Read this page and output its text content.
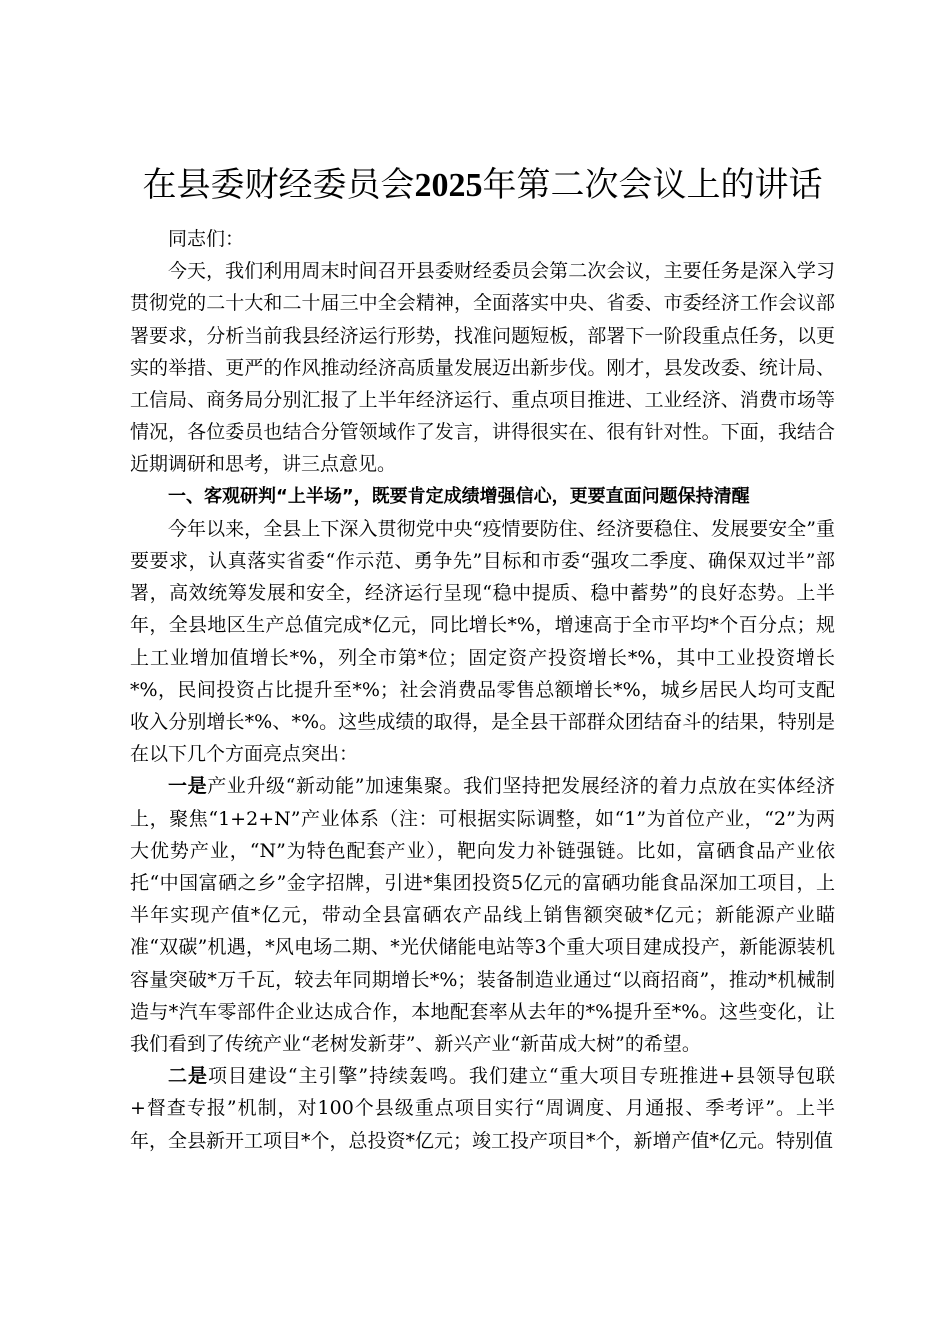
在县委财经委员会2025年第二次会议上的讲话

同志们：

今天，我们利用周末时间召开县委财经委员会第二次会议，主要任务是深入学习贯彻党的二十大和二十届三中全会精神，全面落实中央、省委、市委经济工作会议部署要求，分析当前我县经济运行形势，找准问题短板，部署下一阶段重点任务，以更实的举措、更严的作风推动经济高质量发展迈出新步伐。刚才，县发改委、统计局、工信局、商务局分别汇报了上半年经济运行、重点项目推进、工业经济、消费市场等情况，各位委员也结合分管领域作了发言，讲得很实在、很有针对性。下面，我结合近期调研和思考，讲三点意见。

一、客观研判“上半场”，既要肯定成绩增强信心，更要直面问题保持清醒

今年以来，全县上下深入贯彻党中央“疫情要防住、经济要稳住、发展要安全”重要要求，认真落实省委“作示范、勇争先”目标和市委“强攻二季度、确保双过半”部署，高效统筹发展和安全，经济运行呈现“稳中提质、稳中蓄势”的良好态势。上半年，全县地区生产总值完成*亿元，同比增长*%，增速高于全市平均*个百分点；规上工业增加值增长*%，列全市第*位；固定资产投资增长*%，其中工业投资增长*%，民间投资占比提升至*%；社会消费品零售总额增长*%，城乡居民人均可支配收入分别增长*%、*%。这些成绩的取得，是全县干部群众团结奋斗的结果，特别是在以下几个方面亮点突出：

一是产业升级“新动能”加速集聚。我们坚持把发展经济的着力点放在实体经济上，聚焦“1+2+N”产业体系（注：可根据实际调整，如“1”为首位产业，“2”为两大优势产业，“N”为特色配套产业），靶向发力补链强链。比如，富硒食品产业依托“中国富硒之乡”金字招牌，引进*集团投资5亿元的富硒功能食品深加工项目，上半年实现产值*亿元，带动全县富硒农产品线上销售额突破*亿元；新能源产业瞄准“双碳”机遇，*风电场二期、*光伏储能电站等3个重大项目建成投产，新能源装机容量突破*万千瓦，较去年同期增长*%；装备制造业通过“以商招商”，推动*机械制造与*汽车零部件企业达成合作，本地配套率从去年的*%提升至*%。这些变化，让我们看到了传统产业“老树发新芽”、新兴产业“新苗成大树”的希望。

二是项目建设“主引擎”持续轰鸣。我们建立“重大项目专班推进+县领导包联+督查专报”机制，对100个县级重点项目实行“周调度、月通报、季考评”。上半年，全县新开工项目*个，总投资*亿元；竣工投产项目*个，新增产值*亿元。特别值
